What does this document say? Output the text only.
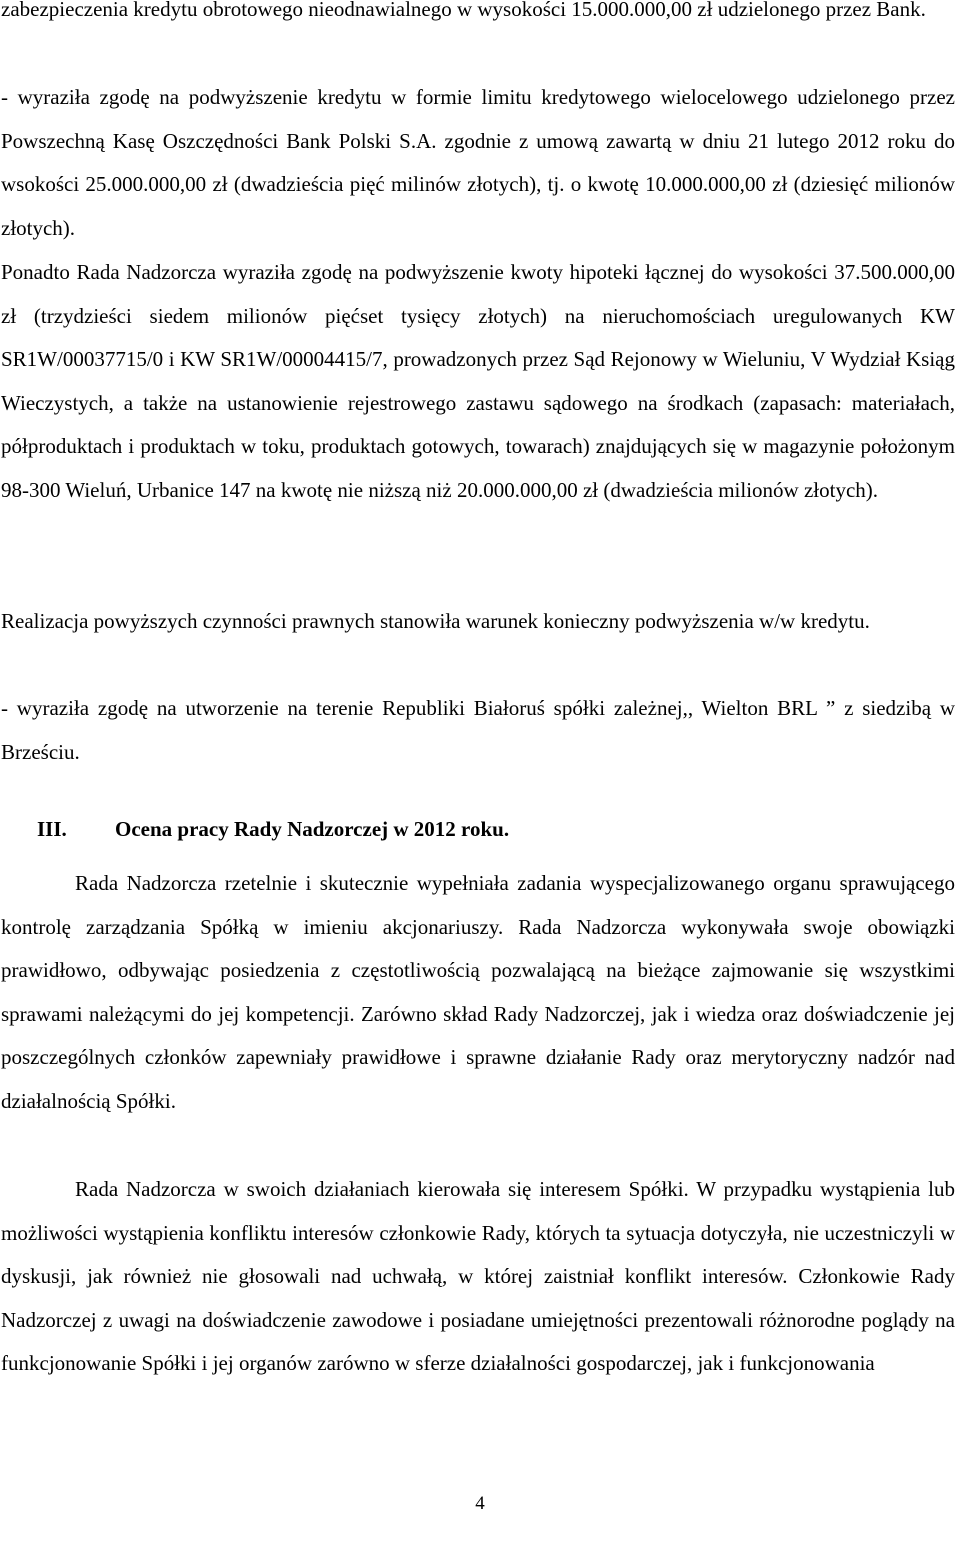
zabezpieczenia kredytu obrotowego nieodnawialnego w wysokości 15.000.000,00 zł udzielonego przez Bank.

- wyraziła zgodę na podwyższenie kredytu w formie limitu kredytowego wielocelowego udzielonego przez Powszechną Kasę Oszczędności Bank Polski S.A. zgodnie z umową zawartą w dniu 21 lutego 2012 roku do wsokości 25.000.000,00 zł (dwadzieścia pięć milinów złotych), tj. o kwotę 10.000.000,00 zł (dziesięć milionów złotych).

Ponadto Rada Nadzorcza wyraziła zgodę na podwyższenie kwoty hipoteki łącznej do wysokości 37.500.000,00 zł (trzydzieści siedem milionów pięćset tysięcy złotych) na nieruchomościach uregulowanych KW SR1W/00037715/0 i KW SR1W/00004415/7, prowadzonych przez Sąd Rejonowy w Wieluniu, V Wydział Ksiąg Wieczystych, a także na ustanowienie rejestrowego zastawu sądowego na środkach (zapasach: materiałach, półproduktach i produktach w toku, produktach gotowych, towarach) znajdujących się w magazynie położonym 98-300 Wieluń, Urbanice 147 na kwotę nie niższą niż 20.000.000,00 zł (dwadzieścia milionów złotych).

Realizacja powyższych czynności prawnych stanowiła warunek konieczny podwyższenia w/w kredytu.

- wyraziła zgodę na utworzenie na terenie Republiki Białoruś spółki zależnej,, Wielton BRL ” z siedzibą w Brześciu.

III. Ocena pracy Rady Nadzorczej w 2012 roku.

Rada Nadzorcza rzetelnie i skutecznie wypełniała zadania wyspecjalizowanego organu sprawującego kontrolę zarządzania Spółką w imieniu akcjonariuszy. Rada Nadzorcza wykonywała swoje obowiązki prawidłowo, odbywając posiedzenia z częstotliwością pozwalającą na bieżące zajmowanie się wszystkimi sprawami należącymi do jej kompetencji. Zarówno skład Rady Nadzorczej, jak i wiedza oraz doświadczenie jej poszczególnych członków zapewniały prawidłowe i sprawne działanie Rady oraz merytoryczny nadzór nad działalnością Spółki.

Rada Nadzorcza w swoich działaniach kierowała się interesem Spółki. W przypadku wystąpienia lub możliwości wystąpienia konfliktu interesów członkowie Rady, których ta sytuacja dotyczyła, nie uczestniczyli w dyskusji, jak również nie głosowali nad uchwałą, w której zaistniał konflikt interesów. Członkowie Rady Nadzorczej z uwagi na doświadczenie zawodowe i posiadane umiejętności prezentowali różnorodne poglądy na funkcjonowanie Spółki i jej organów zarówno w sferze działalności gospodarczej, jak i funkcjonowania

4
